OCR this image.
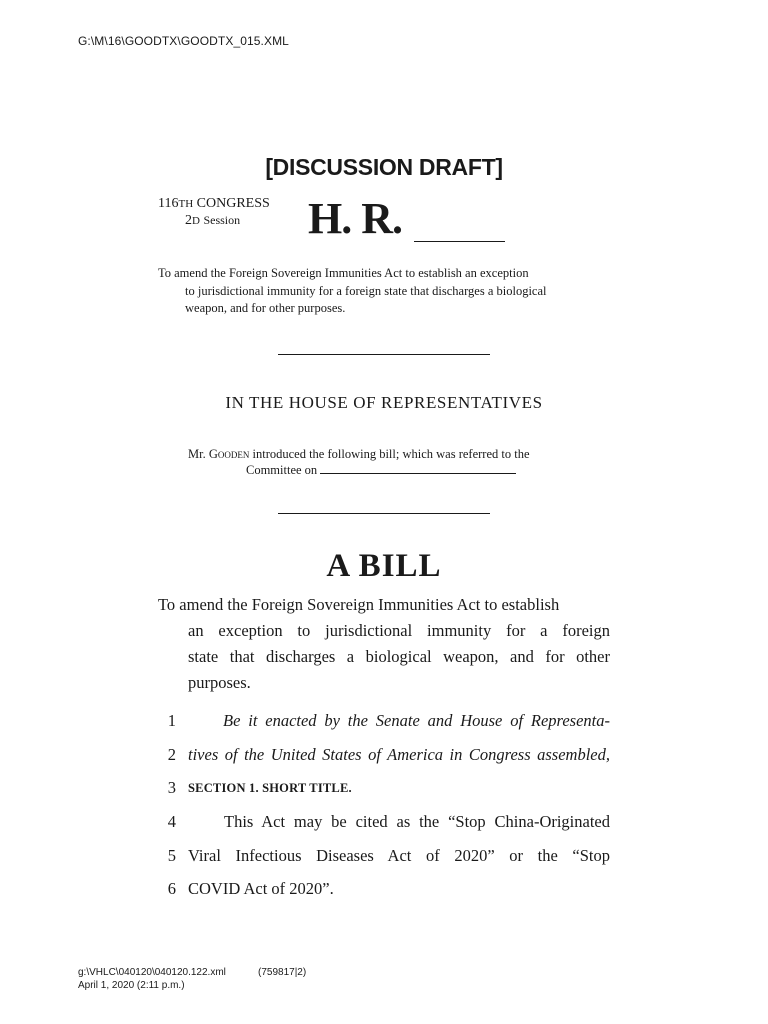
G:\M\16\GOODTX\GOODTX_015.XML
[DISCUSSION DRAFT]
116TH CONGRESS
2D Session H. R.
To amend the Foreign Sovereign Immunities Act to establish an exception
to jurisdictional immunity for a foreign state that discharges a biological
weapon, and for other purposes.
IN THE HOUSE OF REPRESENTATIVES
Mr. Gooden introduced the following bill; which was referred to the
Committee on
A BILL
To amend the Foreign Sovereign Immunities Act to establish
an exception to jurisdictional immunity for a foreign
state that discharges a biological weapon, and for other
purposes.
1	Be it enacted by the Senate and House of Representa-
2 tives of the United States of America in Congress assembled,
3 SECTION 1. SHORT TITLE.
4	This Act may be cited as the “Stop China-Originated
5 Viral Infectious Diseases Act of 2020” or the “Stop
6 COVID Act of 2020”.
g:\VHLC\040120\040120.122.xml	(759817|2)
April 1, 2020 (2:11 p.m.)
